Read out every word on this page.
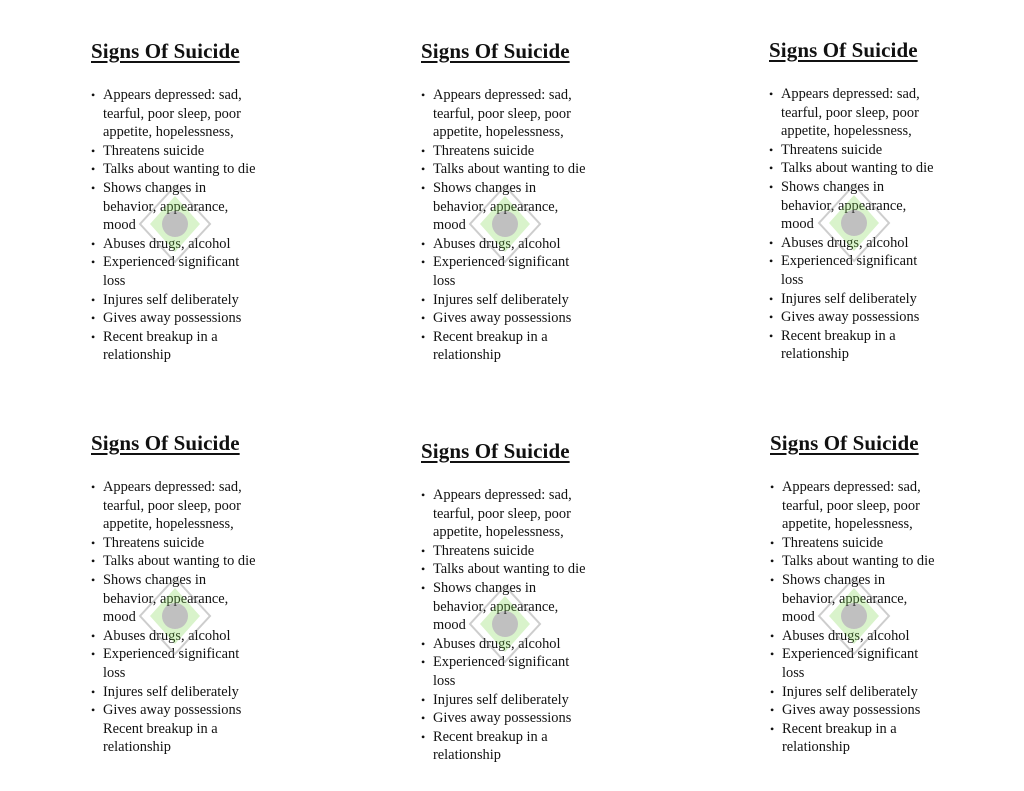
Signs Of Suicide
• Appears depressed: sad,
tearful, poor sleep, poor
appetite, hopelessness,
• Threatens suicide
• Talks about wanting to die
• Shows changes in
behavior, appearance,
mood
• Abuses drugs, alcohol
• Experienced significant
loss
• Injures self deliberately
• Gives away possessions
• Recent breakup in a
relationship
Signs Of Suicide
• Appears depressed: sad,
tearful, poor sleep, poor
appetite, hopelessness,
• Threatens suicide
• Talks about wanting to die
• Shows changes in
behavior, appearance,
mood
• Abuses drugs, alcohol
• Experienced significant
loss
• Injures self deliberately
• Gives away possessions
• Recent breakup in a
relationship
Signs Of Suicide
• Appears depressed: sad,
tearful, poor sleep, poor
appetite, hopelessness,
• Threatens suicide
• Talks about wanting to die
• Shows changes in
behavior, appearance,
mood
• Abuses drugs, alcohol
• Experienced significant
loss
• Injures self deliberately
• Gives away possessions
• Recent breakup in a
relationship
Signs Of Suicide
• Appears depressed: sad,
tearful, poor sleep, poor
appetite, hopelessness,
• Threatens suicide
• Talks about wanting to die
• Shows changes in
behavior, appearance,
mood
• Abuses drugs, alcohol
• Experienced significant
loss
• Injures self deliberately
• Gives away possessions
Recent breakup in a
relationship
Signs Of Suicide
• Appears depressed: sad,
tearful, poor sleep, poor
appetite, hopelessness,
• Threatens suicide
• Talks about wanting to die
• Shows changes in
behavior, appearance,
mood
• Abuses drugs, alcohol
• Experienced significant
loss
• Injures self deliberately
• Gives away possessions
• Recent breakup in a
relationship
Signs Of Suicide
• Appears depressed: sad,
tearful, poor sleep, poor
appetite, hopelessness,
• Threatens suicide
• Talks about wanting to die
• Shows changes in
behavior, appearance,
mood
• Abuses drugs, alcohol
• Experienced significant
loss
• Injures self deliberately
• Gives away possessions
• Recent breakup in a
relationship
